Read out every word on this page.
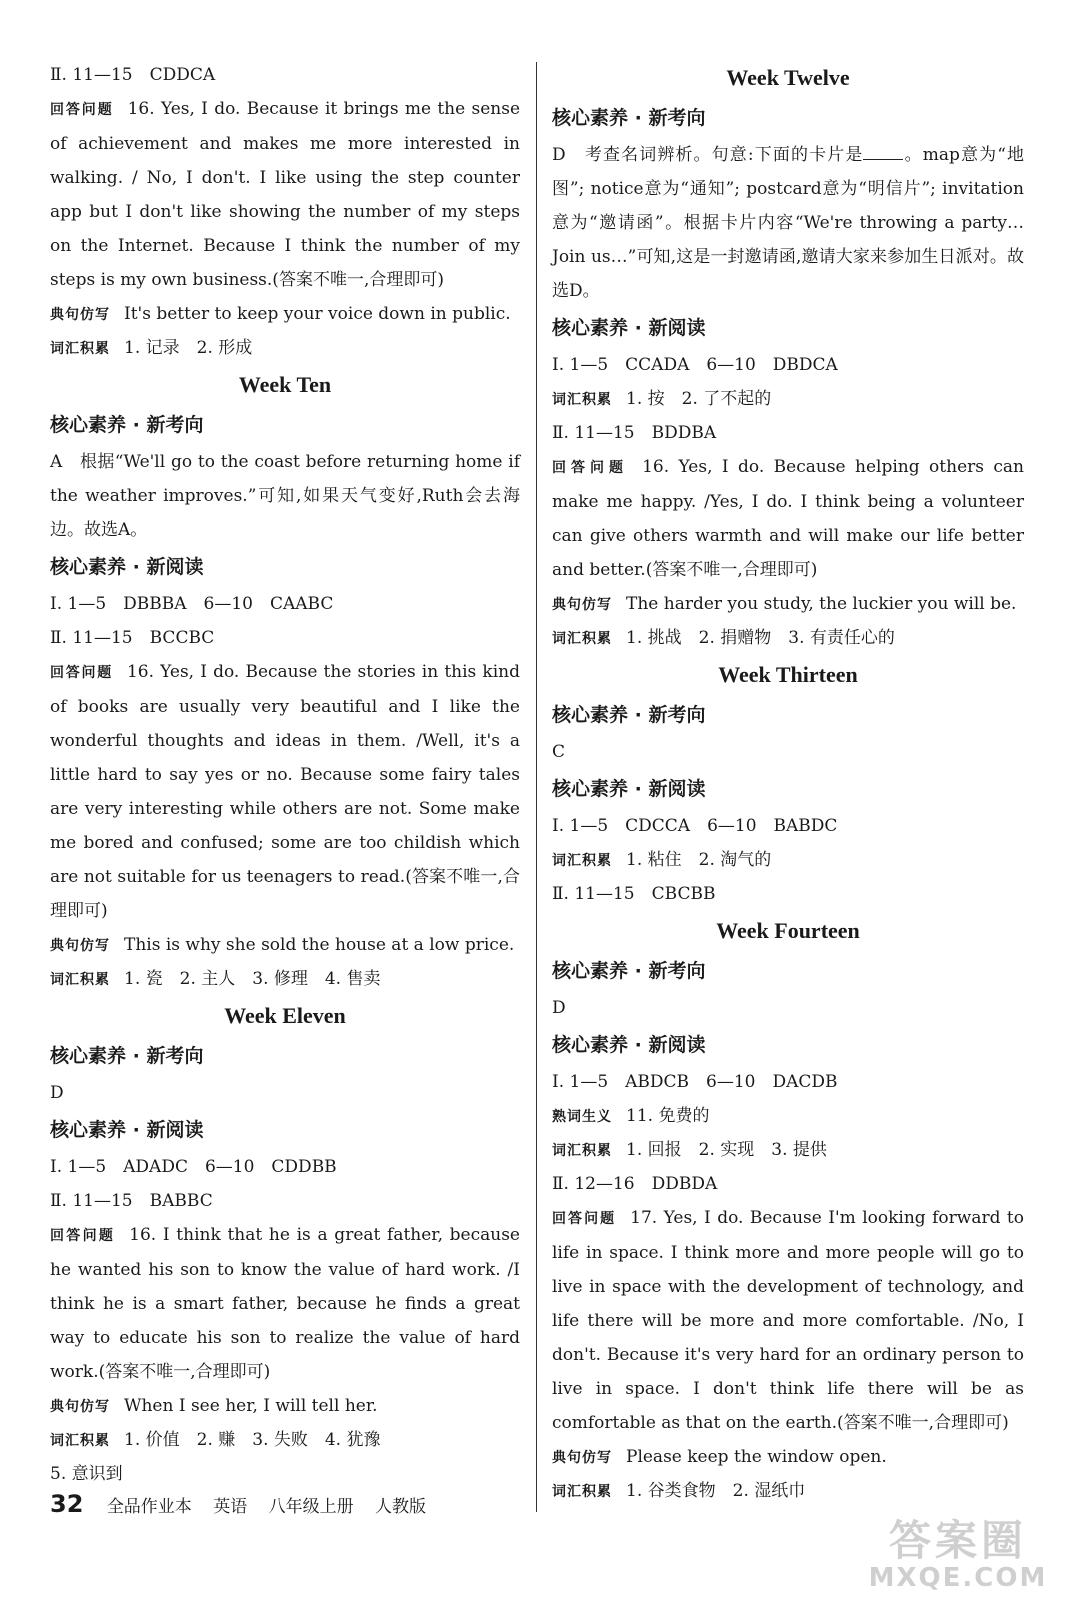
Ⅱ. 11—15　CDDCA
回答问题 16. Yes, I do. Because it brings me the sense of achievement and makes me more interested in walking. / No, I don't. I like using the step counter app but I don't like showing the number of my steps on the Internet. Because I think the number of my steps is my own business.(答案不唯一,合理即可)
典句仿写 It's better to keep your voice down in public.
词汇积累 1. 记录　2. 形成
Week Ten
核心素养 · 新考向
A　根据“We'll go to the coast before returning home if the weather improves.”可知,如果天气变好,Ruth会去海边。故选A。
核心素养 · 新阅读
Ⅰ. 1—5　DBBBA　6—10　CAABC
Ⅱ. 11—15　BCCBC
回答问题 16. Yes, I do. Because the stories in this kind of books are usually very beautiful and I like the wonderful thoughts and ideas in them. /Well, it's a little hard to say yes or no. Because some fairy tales are very interesting while others are not. Some make me bored and confused; some are too childish which are not suitable for us teenagers to read.(答案不唯一,合理即可)
典句仿写 This is why she sold the house at a low price.
词汇积累 1. 瓷　2. 主人　3. 修理　4. 售卖
Week Eleven
核心素养 · 新考向
D
核心素养 · 新阅读
Ⅰ. 1—5　ADADC　6—10　CDDBB
Ⅱ. 11—15　BABBC
回答问题 16. I think that he is a great father, because he wanted his son to know the value of hard work. /I think he is a smart father, because he finds a great way to educate his son to realize the value of hard work.(答案不唯一,合理即可)
典句仿写 When I see her, I will tell her.
词汇积累 1. 价值　2. 赚　3. 失败　4. 犹豫
5. 意识到
Week Twelve
核心素养 · 新考向
D　考查名词辨析。句意:下面的卡片是 。map意为“地图”; notice意为“通知”; postcard意为“明信片”; invitation意为“邀请函”。根据卡片内容“We're throwing a party…Join us…”可知,这是一封邀请函,邀请大家来参加生日派对。故选D。
核心素养 · 新阅读
Ⅰ. 1—5　CCADA　6—10　DBDCA
词汇积累 1. 按　2. 了不起的
Ⅱ. 11—15　BDDBA
回答问题 16. Yes, I do. Because helping others can make me happy. /Yes, I do. I think being a volunteer can give others warmth and will make our life better and better.(答案不唯一,合理即可)
典句仿写 The harder you study, the luckier you will be.
词汇积累 1. 挑战　2. 捐赠物　3. 有责任心的
Week Thirteen
核心素养 · 新考向
C
核心素养 · 新阅读
Ⅰ. 1—5　CDCCA　6—10　BABDC
词汇积累 1. 粘住　2. 淘气的
Ⅱ. 11—15　CBCBB
Week Fourteen
核心素养 · 新考向
D
核心素养 · 新阅读
Ⅰ. 1—5　ABDCB　6—10　DACDB
熟词生义 11. 免费的
词汇积累 1. 回报　2. 实现　3. 提供
Ⅱ. 12—16　DDBDA
回答问题 17. Yes, I do. Because I'm looking forward to life in space. I think more and more people will go to live in space with the development of technology, and life there will be more and more comfortable. /No, I don't. Because it's very hard for an ordinary person to live in space. I don't think life there will be as comfortable as that on the earth.(答案不唯一,合理即可)
典句仿写 Please keep the window open.
词汇积累 1. 谷类食物　2. 湿纸巾
32 全品作业本 英语 八年级上册 人教版
答案圈
MXQE.COM
